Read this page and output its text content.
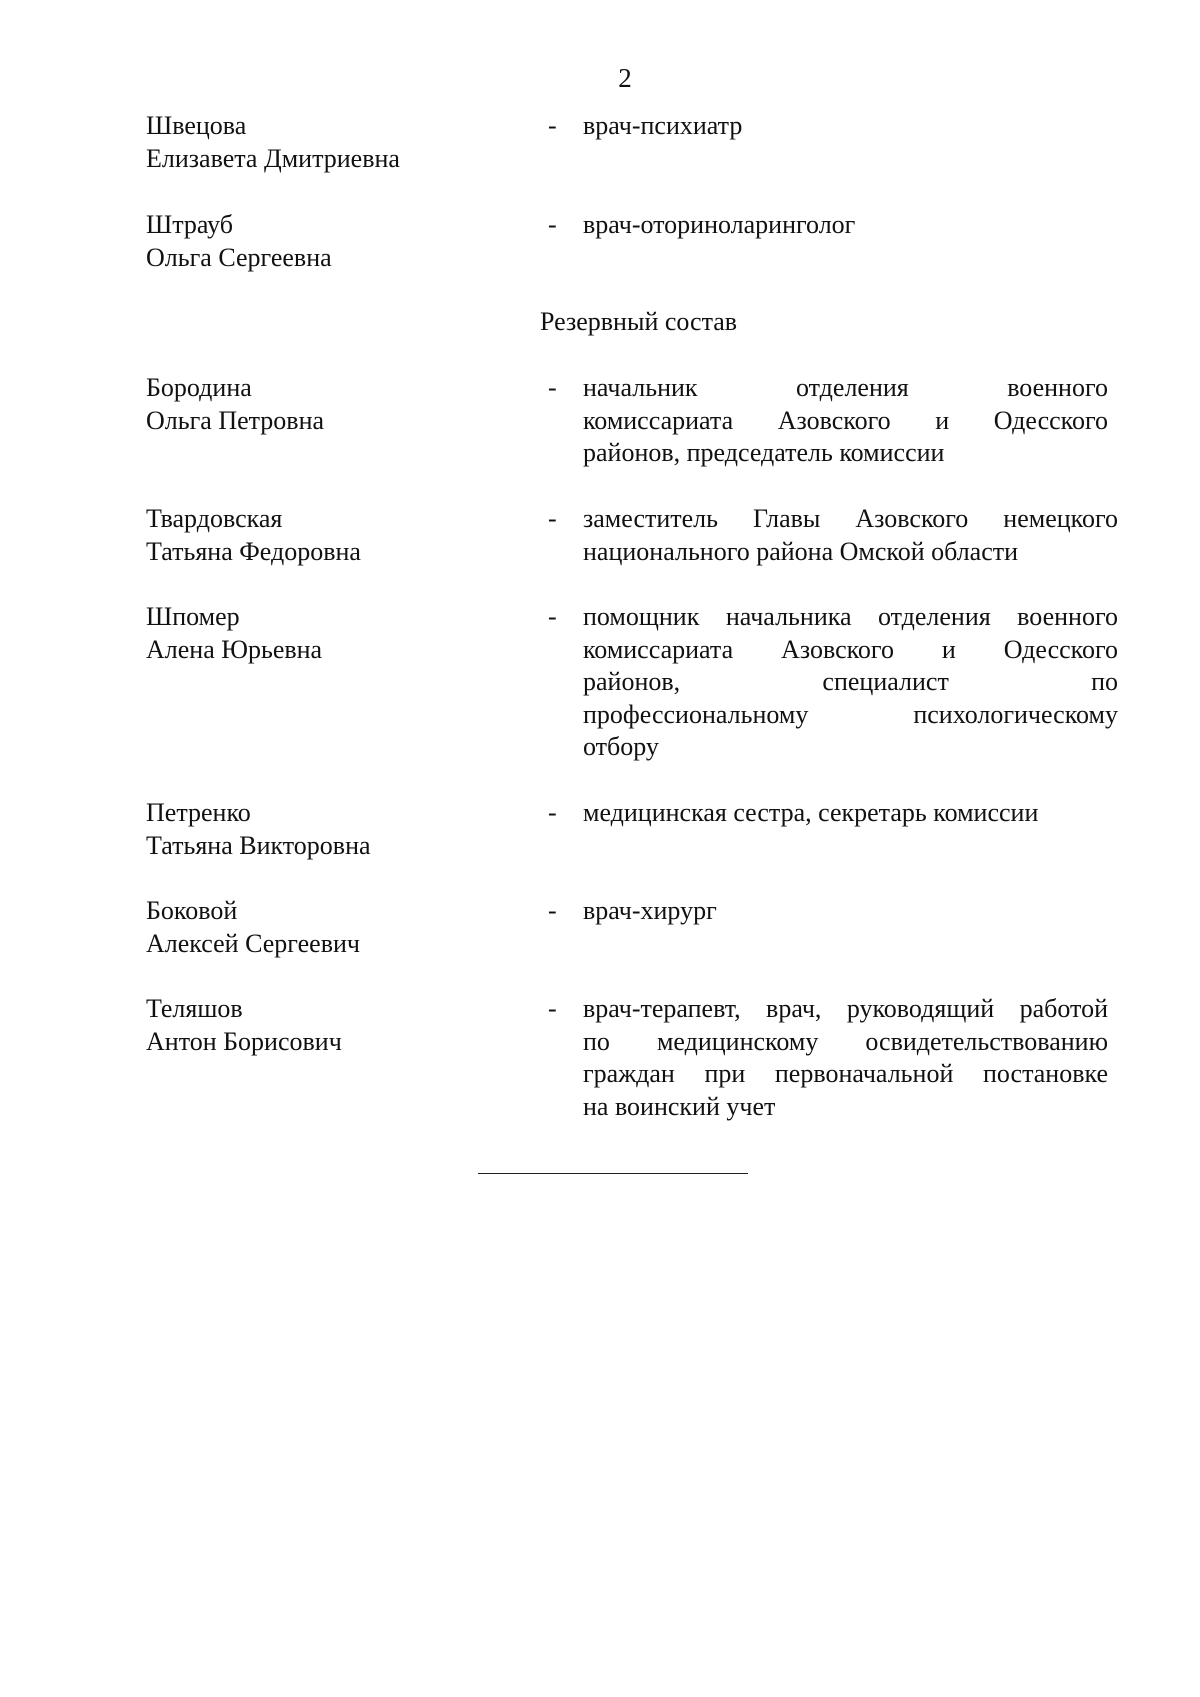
2
Швецова
Елизавета Дмитриевна
- врач-психиатр
Штрауб
Ольга Сергеевна
- врач-оториноларинголог
Резервный состав
Бородина
Ольга Петровна
- начальник отделения военного
комиссариата Азовского и Одесского
районов, председатель комиссии
Твардовская
Татьяна Федоровна
- заместитель Главы Азовского немецкого
национального района Омской области
Шпомер
Алена Юрьевна
- помощник начальника отделения военного
комиссариата Азовского и Одесского
районов, специалист по
профессиональному психологическому
отбору
Петренко
Татьяна Викторовна
- медицинская сестра, секретарь комиссии
Боковой
Алексей Сергеевич
- врач-хирург
Теляшов
Антон Борисович
- врач-терапевт, врач, руководящий работой
по медицинскому освидетельствованию
граждан при первоначальной постановке
на воинский учет
